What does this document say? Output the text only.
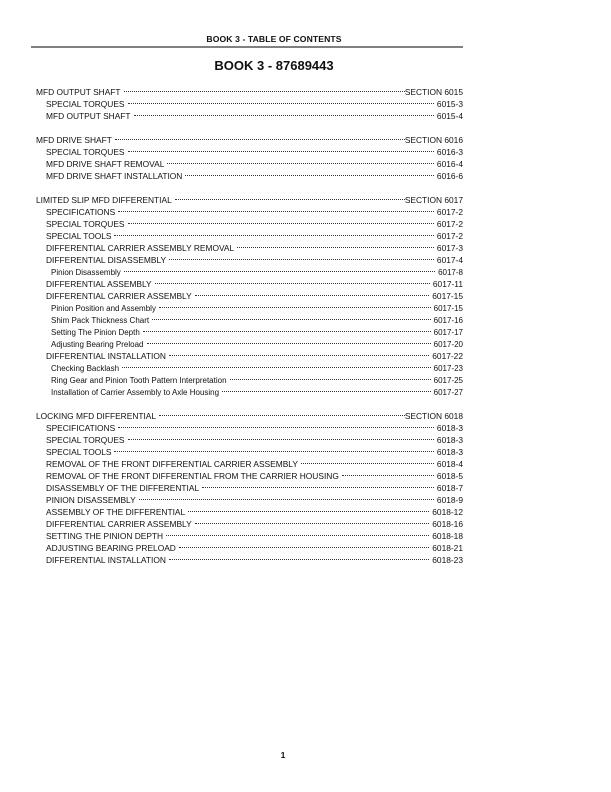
BOOK 3 - TABLE OF CONTENTS
BOOK 3 - 87689443
MFD OUTPUT SHAFT	SECTION 6015
SPECIAL TORQUES	6015-3
MFD OUTPUT SHAFT	6015-4
MFD DRIVE SHAFT	SECTION 6016
SPECIAL TORQUES	6016-3
MFD DRIVE SHAFT REMOVAL	6016-4
MFD DRIVE SHAFT INSTALLATION	6016-6
LIMITED SLIP MFD DIFFERENTIAL	SECTION 6017
SPECIFICATIONS	6017-2
SPECIAL TORQUES	6017-2
SPECIAL TOOLS	6017-2
DIFFERENTIAL CARRIER ASSEMBLY REMOVAL	6017-3
DIFFERENTIAL DISASSEMBLY	6017-4
Pinion Disassembly	6017-8
DIFFERENTIAL ASSEMBLY	6017-11
DIFFERENTIAL CARRIER ASSEMBLY	6017-15
Pinion Position and Assembly	6017-15
Shim Pack Thickness Chart	6017-16
Setting The Pinion Depth	6017-17
Adjusting Bearing Preload	6017-20
DIFFERENTIAL INSTALLATION	6017-22
Checking Backlash	6017-23
Ring Gear and Pinion Tooth Pattern Interpretation	6017-25
Installation of Carrier Assembly to Axle Housing	6017-27
LOCKING MFD DIFFERENTIAL	SECTION 6018
SPECIFICATIONS	6018-3
SPECIAL TORQUES	6018-3
SPECIAL TOOLS	6018-3
REMOVAL OF THE FRONT DIFFERENTIAL CARRIER ASSEMBLY	6018-4
REMOVAL OF THE FRONT DIFFERENTIAL FROM THE CARRIER HOUSING	6018-5
DISASSEMBLY OF THE DIFFERENTIAL	6018-7
PINION DISASSEMBLY	6018-9
ASSEMBLY OF THE DIFFERENTIAL	6018-12
DIFFERENTIAL CARRIER ASSEMBLY	6018-16
SETTING THE PINION DEPTH	6018-18
ADJUSTING BEARING PRELOAD	6018-21
DIFFERENTIAL INSTALLATION	6018-23
1
